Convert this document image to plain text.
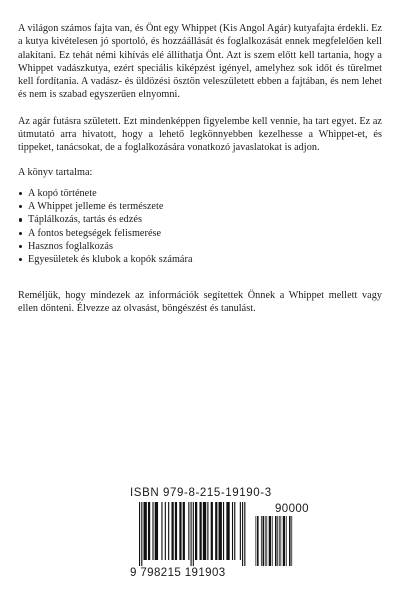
A világon számos fajta van, és Önt egy Whippet (Kis Angol Agár) kutyafajta érdekli. Ez a kutya kivételesen jó sportoló, és hozzáállását és foglalkozását ennek megfelelően kell alakítani. Ez tehát némi kihívás elé állíthatja Önt. Azt is szem előtt kell tartania, hogy a Whippet vadászkutya, ezért speciális kiképzést igényel, amelyhez sok időt és türelmet kell fordítania. A vadász- és üldözési ösztön veleszületett ebben a fajtában, és nem lehet és nem is szabad egyszerűen elnyomni.

Az agár futásra született. Ezt mindenképpen figyelembe kell vennie, ha tart egyet. Ez az útmutató arra hivatott, hogy a lehető legkönnyebben kezelhesse a Whippet-et, és tippeket, tanácsokat, de a foglalkozására vonatkozó javaslatokat is adjon.

A könyv tartalma:

A kopó története
A Whippet jelleme és természete
Táplálkozás, tartás és edzés
A fontos betegségek felismerése
Hasznos foglalkozás
Egyesületek és klubok a kopók számára

Reméljük, hogy mindezek az információk segítettek Önnek a Whippet mellett vagy ellen dönteni. Élvezze az olvasást, böngészést és tanulást.

ISBN 979-8-215-19190-3
90000
9 798215 191903
